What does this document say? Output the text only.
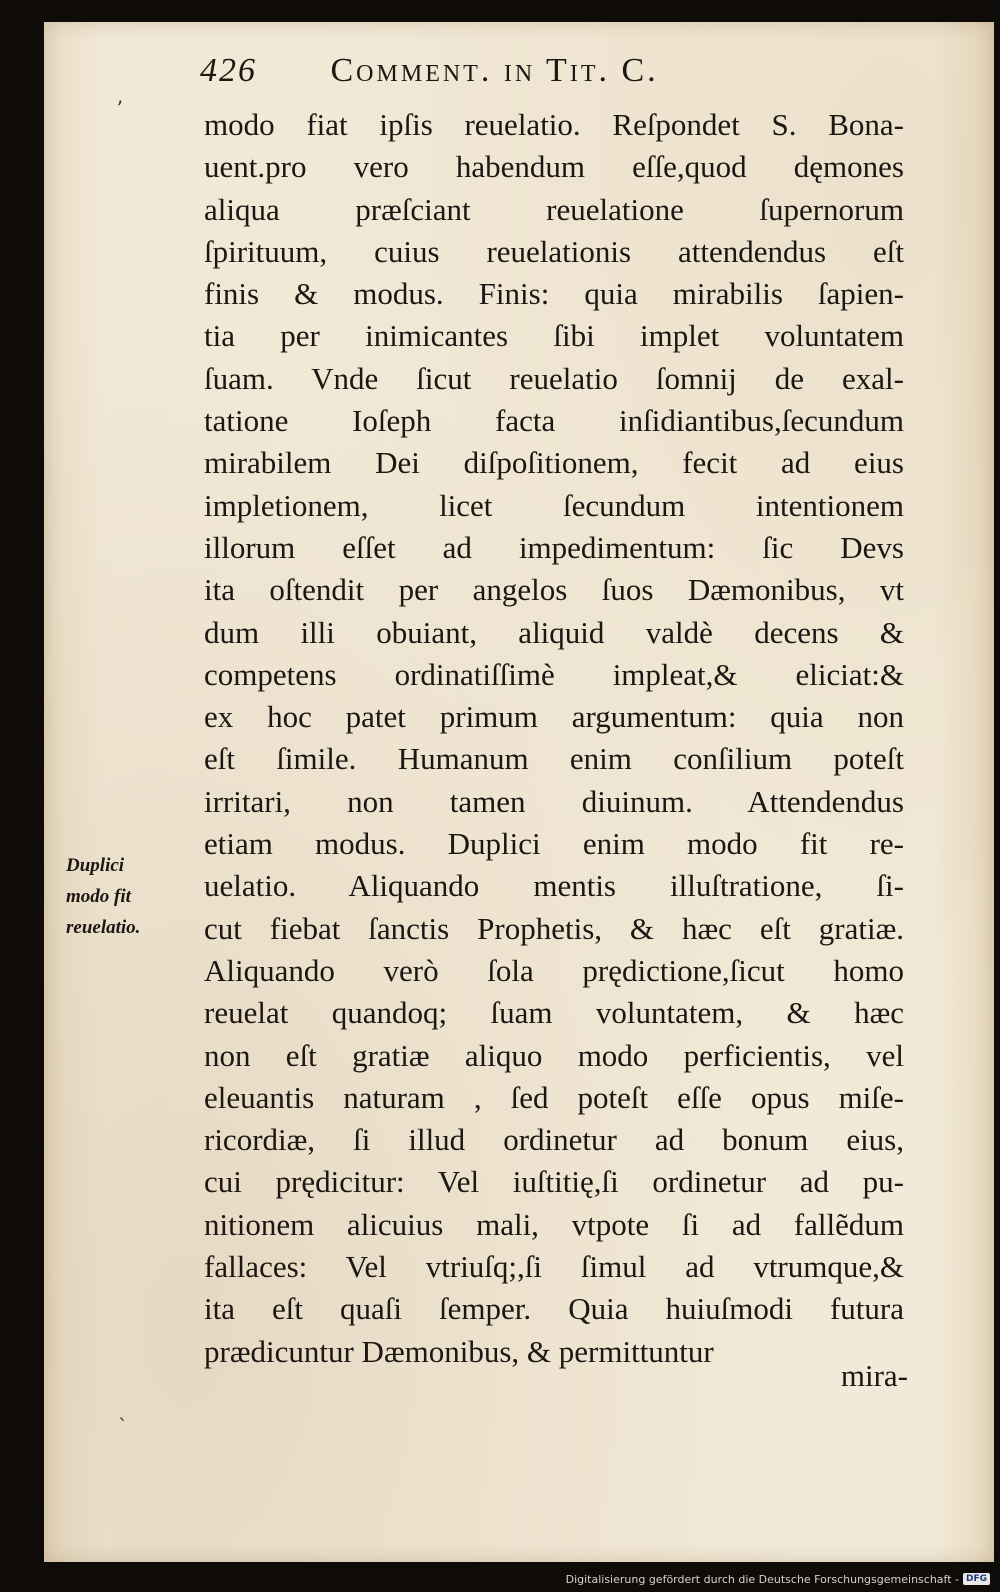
426 Comment. in Tit. C.
modo fiat ipſis reuelatio. Reſpondet S. Bona-
uent.pro vero habendum eſſe,quod dęmones
aliqua præſciant reuelatione ſupernorum
ſpirituum, cuius reuelationis attendendus eſt
finis & modus. Finis: quia mirabilis ſapien-
tia per inimicantes ſibi implet voluntatem
ſuam. Vnde ſicut reuelatio ſomnij de exal-
tatione Ioſeph facta inſidiantibus,ſecundum
mirabilem Dei diſpoſitionem, fecit ad eius
impletionem, licet ſecundum intentionem
illorum eſſet ad impedimentum: ſic Devs
ita oſtendit per angelos ſuos Dæmonibus, vt
dum illi obuiant, aliquid valdè decens &
competens ordinatiſſimè impleat,& eliciat:&
ex hoc patet primum argumentum: quia non
eſt ſimile. Humanum enim conſilium poteſt
irritari, non tamen diuinum. Attendendus
etiam modus. Duplici enim modo fit re-
uelatio. Aliquando mentis illuſtratione, ſi-
cut fiebat ſanctis Prophetis, & hæc eſt gratiæ.
Aliquando verò ſola prędictione,ſicut homo
reuelat quandoq; ſuam voluntatem, & hæc
non eſt gratiæ aliquo modo perficientis, vel
eleuantis naturam , ſed poteſt eſſe opus miſe-
ricordiæ, ſi illud ordinetur ad bonum eius,
cui prędicitur: Vel iuſtitię,ſi ordinetur ad pu-
nitionem alicuius mali, vtpote ſi ad fallẽdum
fallaces: Vel vtriuſq;,ſi ſimul ad vtrumque,&
ita eſt quaſi ſemper. Quia huiuſmodi futura
prædicuntur Dæmonibus, & permittuntur
mira-
Duplici
modo fit
reuelatio.
ʼ
ˋ
Digitalisierung gefördert durch die Deutsche Forschungsgemeinschaft - DFG
